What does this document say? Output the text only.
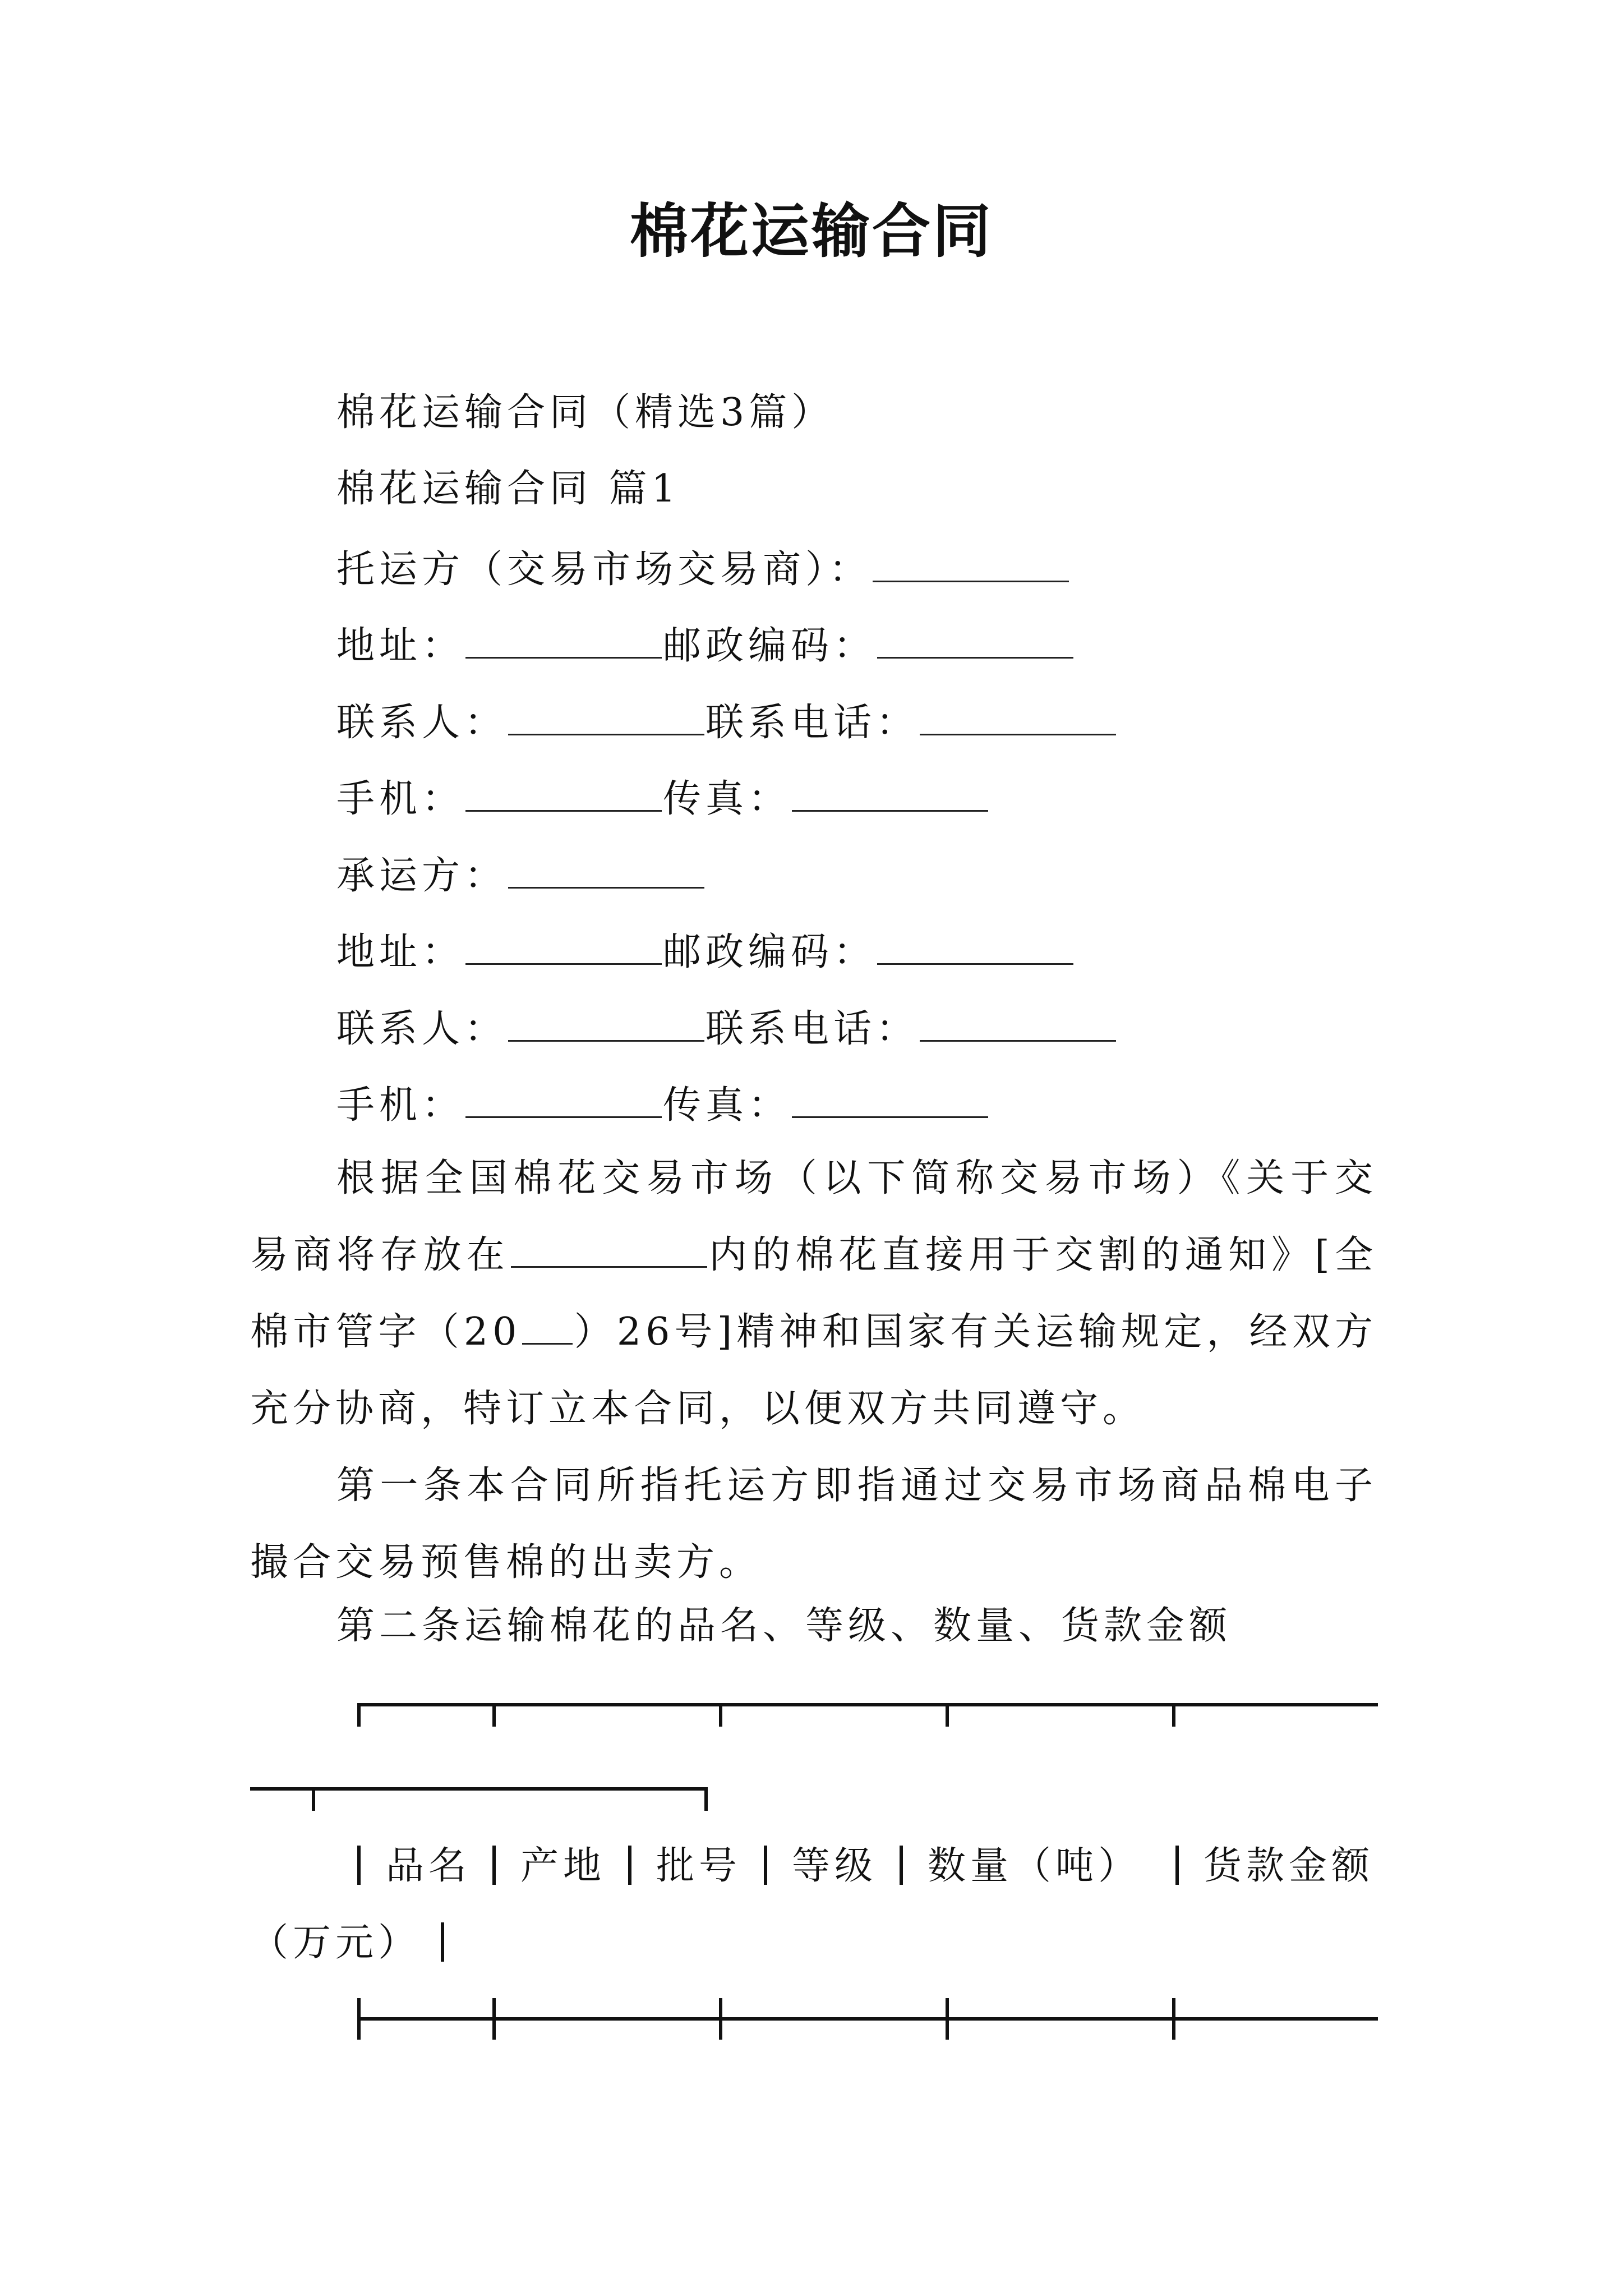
棉花运输合同
棉花运输合同（精选3篇）
棉花运输合同 篇1
托运方（交易市场交易商）：
地址：	邮政编码：
联系人：	联系电话：
手机：	传真：
承运方：
地址：	邮政编码：
联系人：	联系电话：
手机：	传真：
根据全国棉花交易市场（以下简称交易市场）《关于交易商将存放在	内的棉花直接用于交割的通知》[全棉市管字（20 ）26号]精神和国家有关运输规定，经双方充分协商，特订立本合同，以便双方共同遵守。
第一条本合同所指托运方即指通过交易市场商品棉电子撮合交易预售棉的出卖方。
第二条运输棉花的品名、等级、数量、货款金额
品名 产地 批号 等级 数量（吨） 货款金额
（万元）
